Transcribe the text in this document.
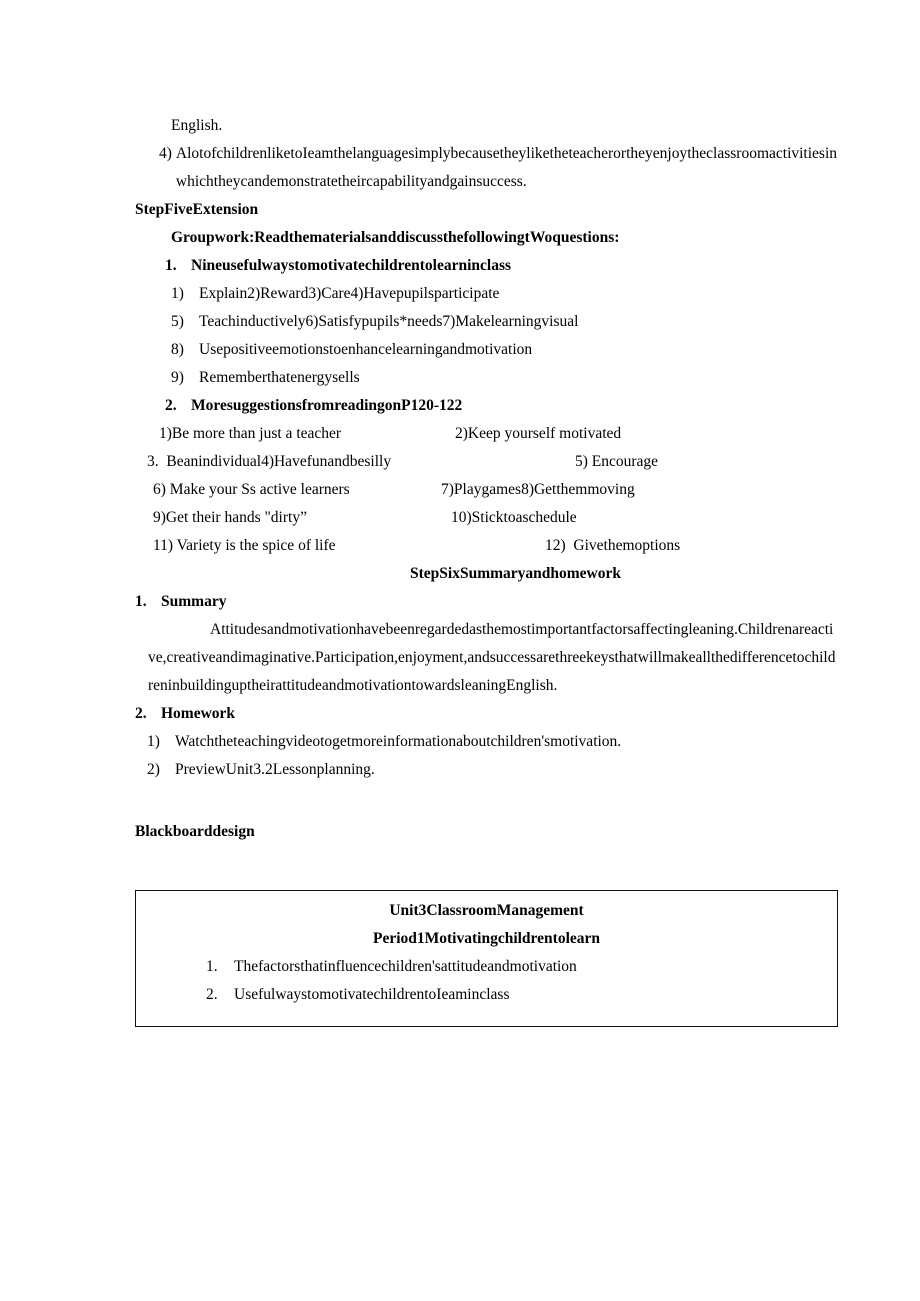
English.
4) AlotofchildrenliketoIeamthelanguagesimplybecausetheyliketheteacherortheyenjoytheclassroomactivitiesinwhichtheycandemonstratetheircapabilityandgainsuccess.
StepFiveExtension
Groupwork:ReadthematerialsanddiscussthefollowingtWoquestions:
1. Nineusefulwaystomotivatechildrentolearninclass
1) Explain2)Reward3)Care4)Havepupilsparticipate
5) Teachinductively6)Satisfypupils*needs7)Makelearningvisual
8) Usepositiveemotionstoenhancelearningandmotivation
9) Rememberthatenergysells
2. MoresuggestionsfromreadingonP120-122
1)Be more than just a teacher	2)Keep yourself motivated
3.  Beanindividual4)Havefunandbesilly	5) Encourage
6) Make your Ss active learners	7)Playgames8)Getthemmoving
9)Get their hands "dirty”	10)Sticktoaschedule
11) Variety is the spice of life	12)  Givethemoptions
StepSixSummaryandhomework
1. Summary
Attitudesandmotivationhavebeenregardedasthemostimportantfactorsaffectingleaning.Childrenareactive,creativeandimaginative.Participation,enjoyment,andsuccessarethreekeysthatwillmakeallthedifferencetochildreninbuildinguptheirattitudeandmotivationtowardsleaningEnglish.
2. Homework
1) Watchtheteachingvideotogetmoreinformationaboutchildren'smotivation.
2) PreviewUnit3.2Lessonplanning.
Blackboarddesign
Unit3ClassroomManagement
Period1Motivatingchildrentolearn
1.	Thefactorsthatinfluencechildren'sattitudeandmotivation
2.	UsefulwaystomotivatechildrentoIeaminclass
